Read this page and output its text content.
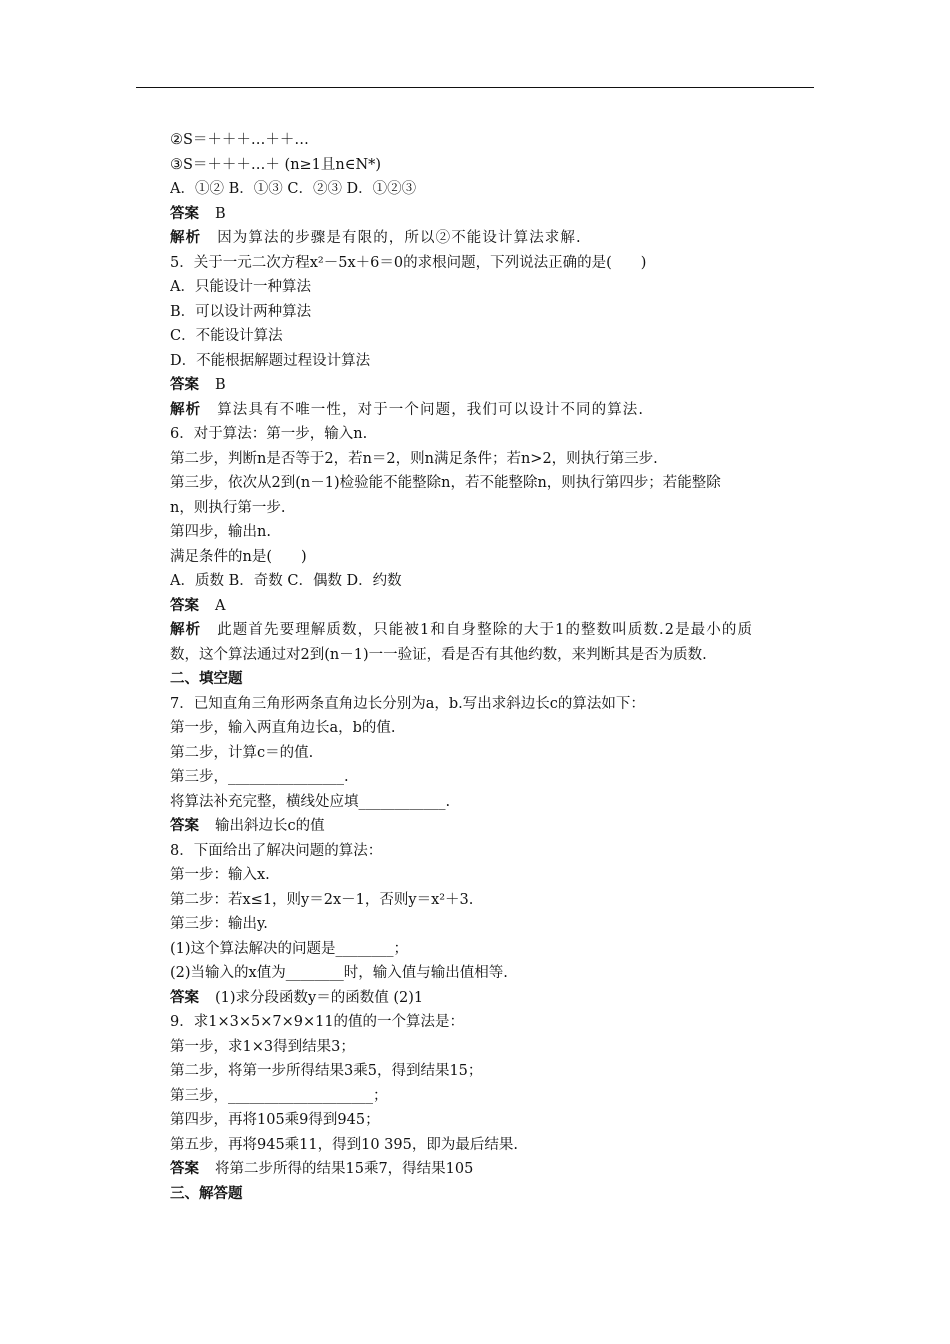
②S＝＋＋＋…＋＋…
③S＝＋＋＋…＋ (n≥1且n∈N*)
A．①② B．①③ C．②③ D．①②③
答案 B
解析 因为算法的步骤是有限的，所以②不能设计算法求解.
5．关于一元二次方程x²－5x＋6＝0的求根问题，下列说法正确的是(　　)
A．只能设计一种算法
B．可以设计两种算法
C．不能设计算法
D．不能根据解题过程设计算法
答案 B
解析 算法具有不唯一性，对于一个问题，我们可以设计不同的算法.
6．对于算法：第一步，输入n.
第二步，判断n是否等于2，若n＝2，则n满足条件；若n>2，则执行第三步.
第三步，依次从2到(n－1)检验能不能整除n，若不能整除n，则执行第四步；若能整除
n，则执行第一步.
第四步，输出n.
满足条件的n是(　　)
A．质数 B．奇数 C．偶数 D．约数
答案 A
解析 此题首先要理解质数，只能被1和自身整除的大于1的整数叫质数.2是最小的质
数，这个算法通过对2到(n－1)一一验证，看是否有其他约数，来判断其是否为质数.
二、填空题
7．已知直角三角形两条直角边长分别为a，b.写出求斜边长c的算法如下：
第一步，输入两直角边长a，b的值.
第二步，计算c＝的值.
第三步，________________.
将算法补充完整，横线处应填____________.
答案 输出斜边长c的值
8．下面给出了解决问题的算法：
第一步：输入x.
第二步：若x≤1，则y＝2x－1，否则y＝x²＋3.
第三步：输出y.
(1)这个算法解决的问题是________；
(2)当输入的x值为________时，输入值与输出值相等.
答案 (1)求分段函数y＝的函数值 (2)1
9．求1×3×5×7×9×11的值的一个算法是：
第一步，求1×3得到结果3；
第二步，将第一步所得结果3乘5，得到结果15；
第三步，____________________；
第四步，再将105乘9得到945；
第五步，再将945乘11，得到10 395，即为最后结果.
答案 将第二步所得的结果15乘7，得结果105
三、解答题
